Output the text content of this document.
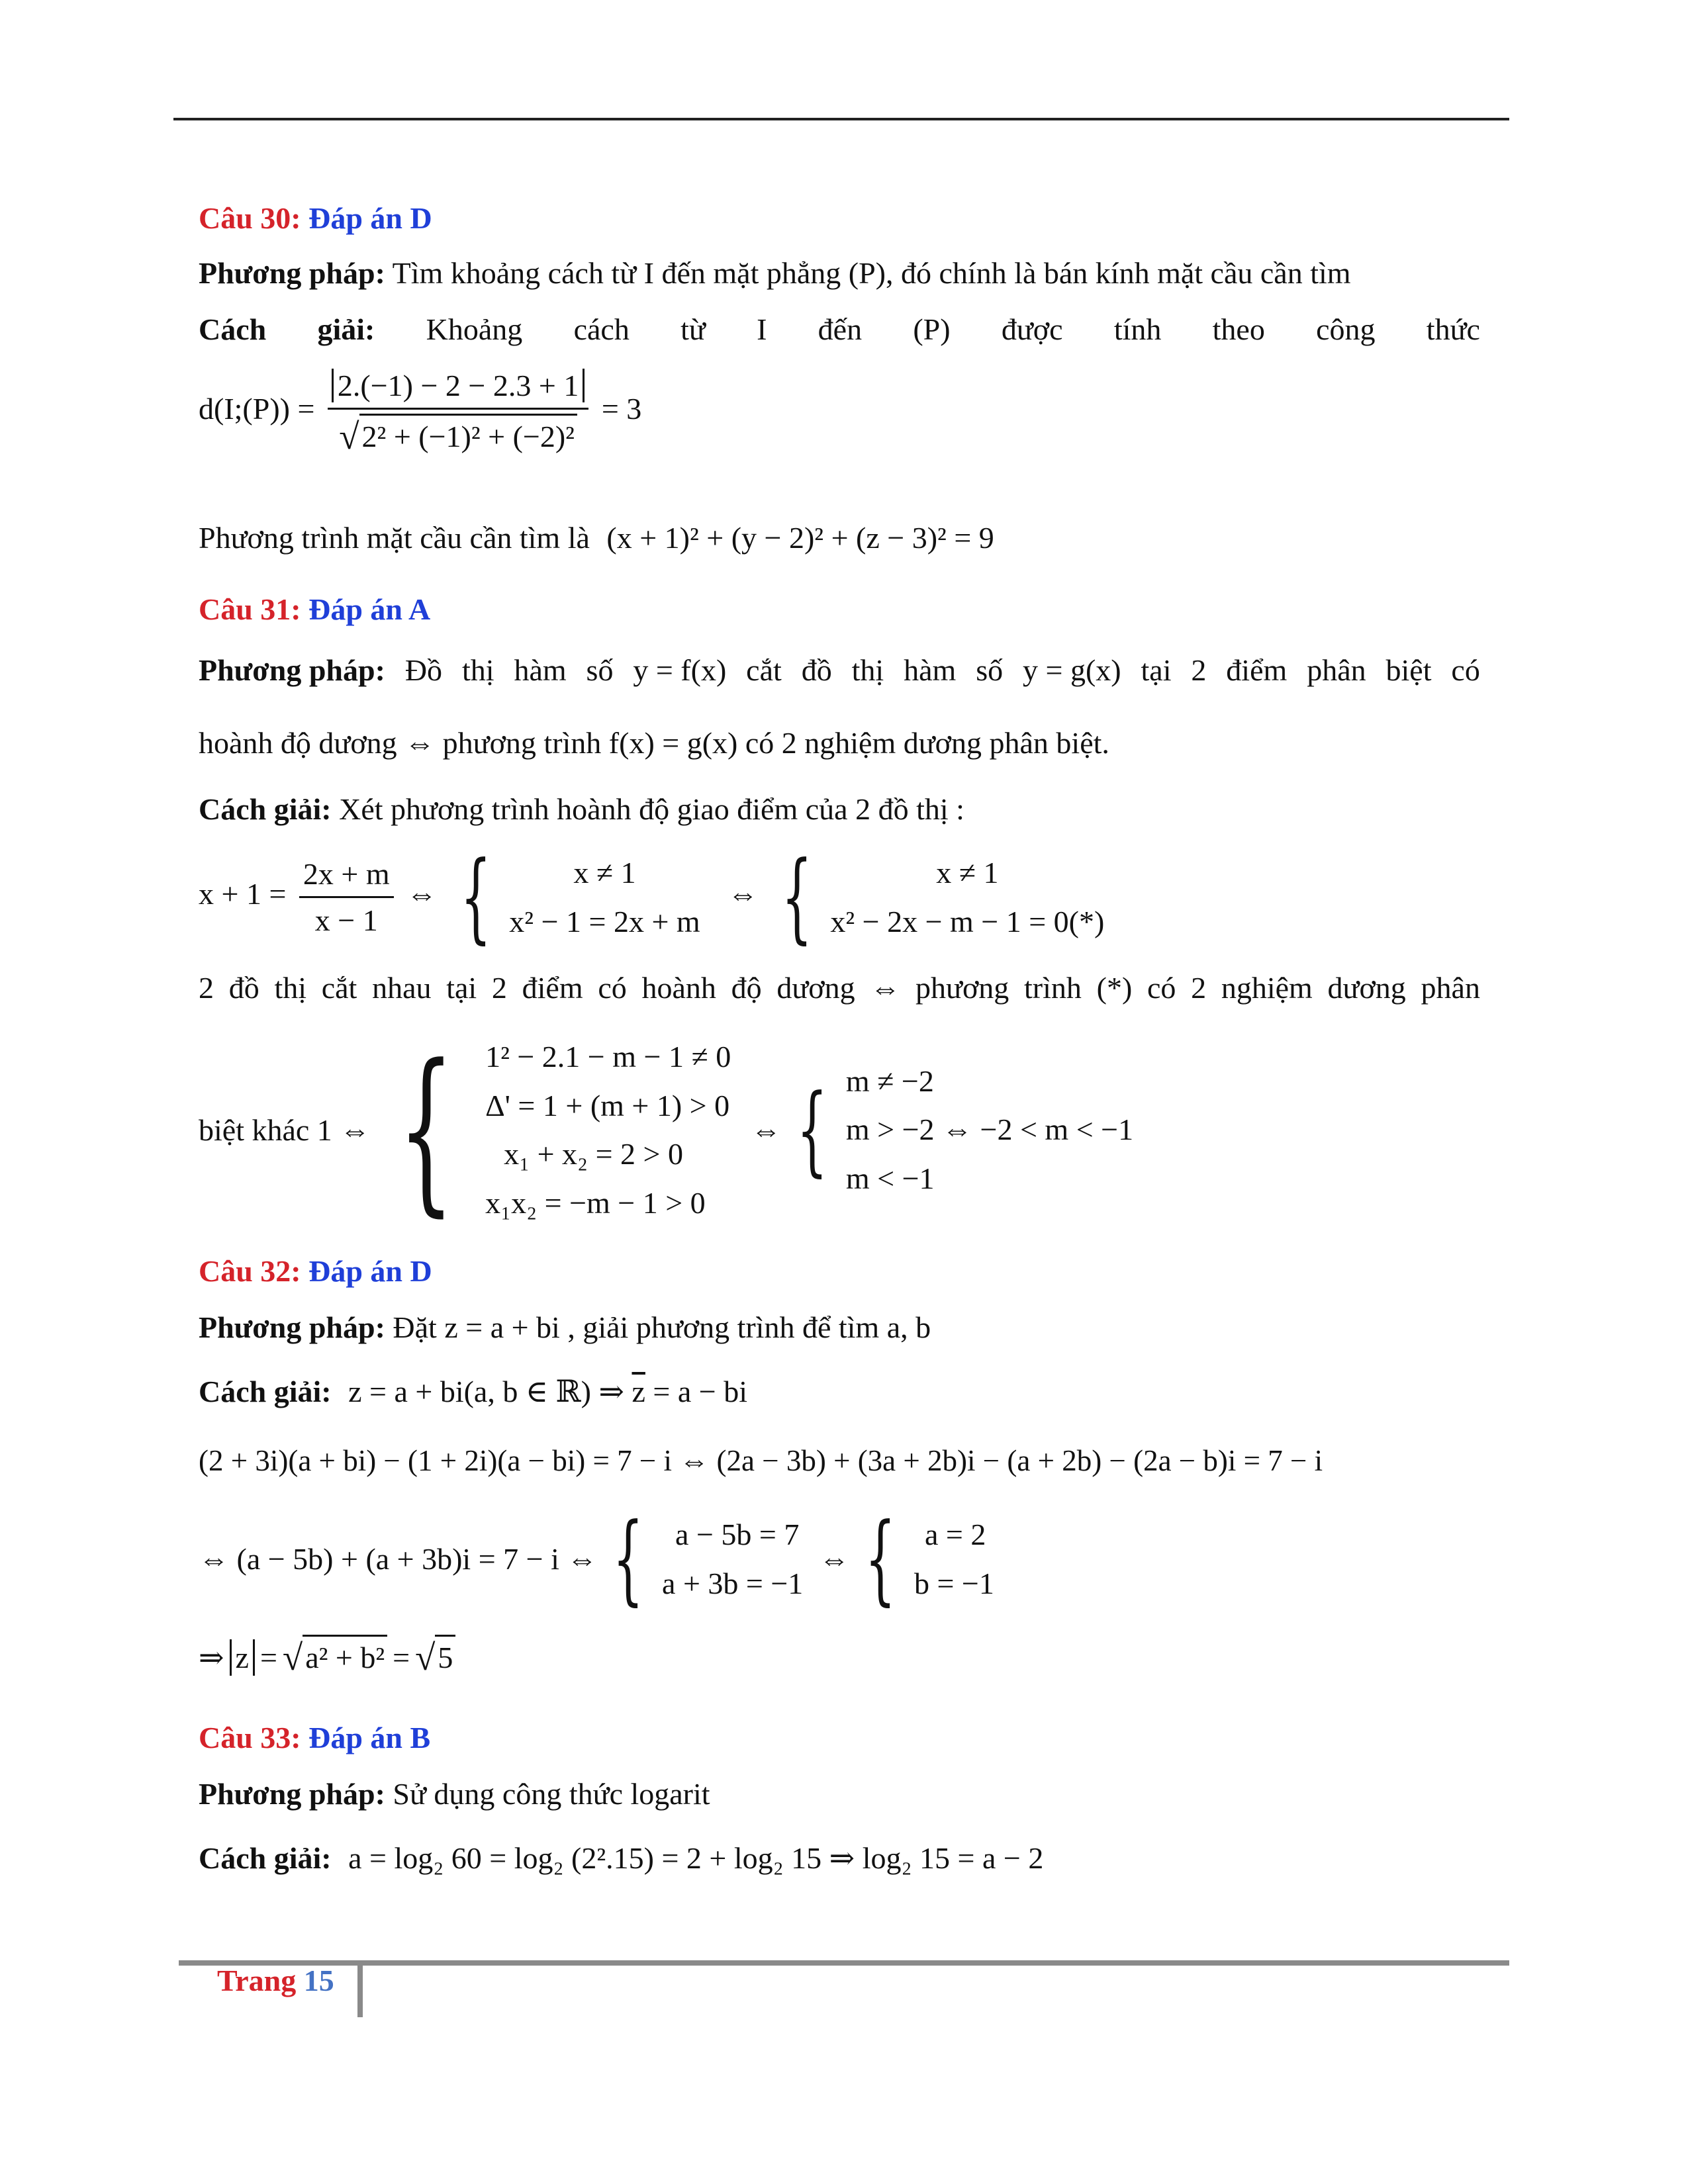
Câu 30: Đáp án D
Phương pháp: Tìm khoảng cách từ I đến mặt phẳng (P), đó chính là bán kính mặt cầu cần tìm
Cách giải: Khoảng cách từ I đến (P) được tính theo công thức
d(I;(P)) = $\frac{2.(-1) - 2 - 2.3 + 1}{\text{√ 2² + (−1)² + (−2)²}} = 3$
Phương trình mặt cầu cần tìm là (x + 1)² + (y − 2)² + (z − 3)² = 9
Câu 31: Đáp án A
Phương pháp: Đồ thị hàm số y = f(x) cắt đồ thị hàm số y = g(x) tại 2 điểm phân biệt có
hoành độ dương ⇔ phương trình f(x) = g(x) có 2 nghiệm dương phân biệt.
Cách giải: Xét phương trình hoành độ giao điểm của 2 đồ thị :
$x + 1 = \frac{2x + m}{x - 1}$ ⇔ {	x ≠ 1
x² − 1 = 2x + m
⇔ {	x ≠ 1
x² − 2x − m − 1 = 0(*)
2 đồ thị cắt nhau tại 2 điểm có hoành độ dương ⇔ phương trình (*) có 2 nghiệm dương phân
biệt khác 1 ⇔ { 1² − 2.1 − m − 1 ≠ 0
Δ' = 1 + (m + 1) > 0
x₁ + x₂ = 2 > 0
x₁x₂ = −m − 1 > 0
⇔ { m ≠ −2
m > −2 ⇔ −2 < m < −1
m < −1
Câu 32: Đáp án D
Phương pháp: Đặt z = a + bi , giải phương trình để tìm a, b
Cách giải: z = a + bi(a, b ∈ ℝ) ⇒ $\overline{z} = a$ − bi
(2 + 3i)(a + bi) − (1 + 2i)(a − bi) = 7 − i ⇔ (2a − 3b) + (3a + 2b)i − (a + 2b) − (2a − b)i = 7 − i
⇔ (a − 5b) + (a + 3b)i = 7 − i ⇔ {	a − 5b = 7
a + 3b = −1
⇔ { a = 2
b = −1
⇒ z = √ a² + b² = √ 5
Câu 33: Đáp án B
Phương pháp: Sử dụng công thức logarit
Cách giải: a = log₂ 60 = log₂ (2².15) = 2 + log₂ 15 ⇒ log₂ 15 = a − 2
Trang 15
